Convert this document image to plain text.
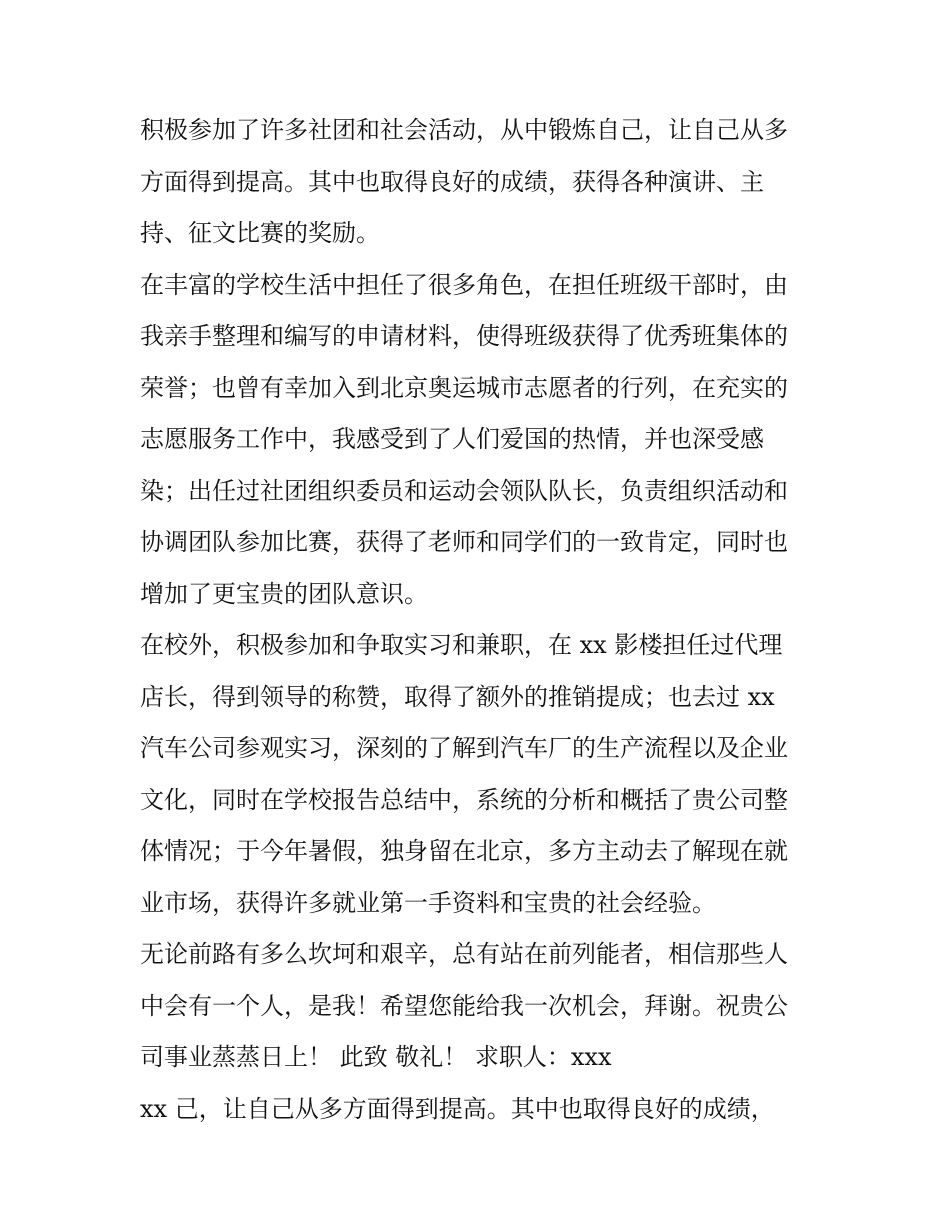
积极参加了许多社团和社会活动，从中锻炼自己，让自己从多
方面得到提高。其中也取得良好的成绩，获得各种演讲、主
持、征文比赛的奖励。
在丰富的学校生活中担任了很多角色，在担任班级干部时，由
我亲手整理和编写的申请材料，使得班级获得了优秀班集体的
荣誉；也曾有幸加入到北京奥运城市志愿者的行列，在充实的
志愿服务工作中，我感受到了人们爱国的热情，并也深受感
染；出任过社团组织委员和运动会领队队长，负责组织活动和
协调团队参加比赛，获得了老师和同学们的一致肯定，同时也
增加了更宝贵的团队意识。
在校外，积极参加和争取实习和兼职，在 xx 影楼担任过代理
店长，得到领导的称赞，取得了额外的推销提成；也去过 xx
汽车公司参观实习，深刻的了解到汽车厂的生产流程以及企业
文化，同时在学校报告总结中，系统的分析和概括了贵公司整
体情况；于今年暑假，独身留在北京，多方主动去了解现在就
业市场，获得许多就业第一手资料和宝贵的社会经验。
无论前路有多么坎坷和艰辛，总有站在前列能者，相信那些人
中会有一个人，是我！希望您能给我一次机会，拜谢。祝贵公
司事业蒸蒸日上！ 此致 敬礼！ 求职人：xxx
xx 己，让自己从多方面得到提高。其中也取得良好的成绩，
